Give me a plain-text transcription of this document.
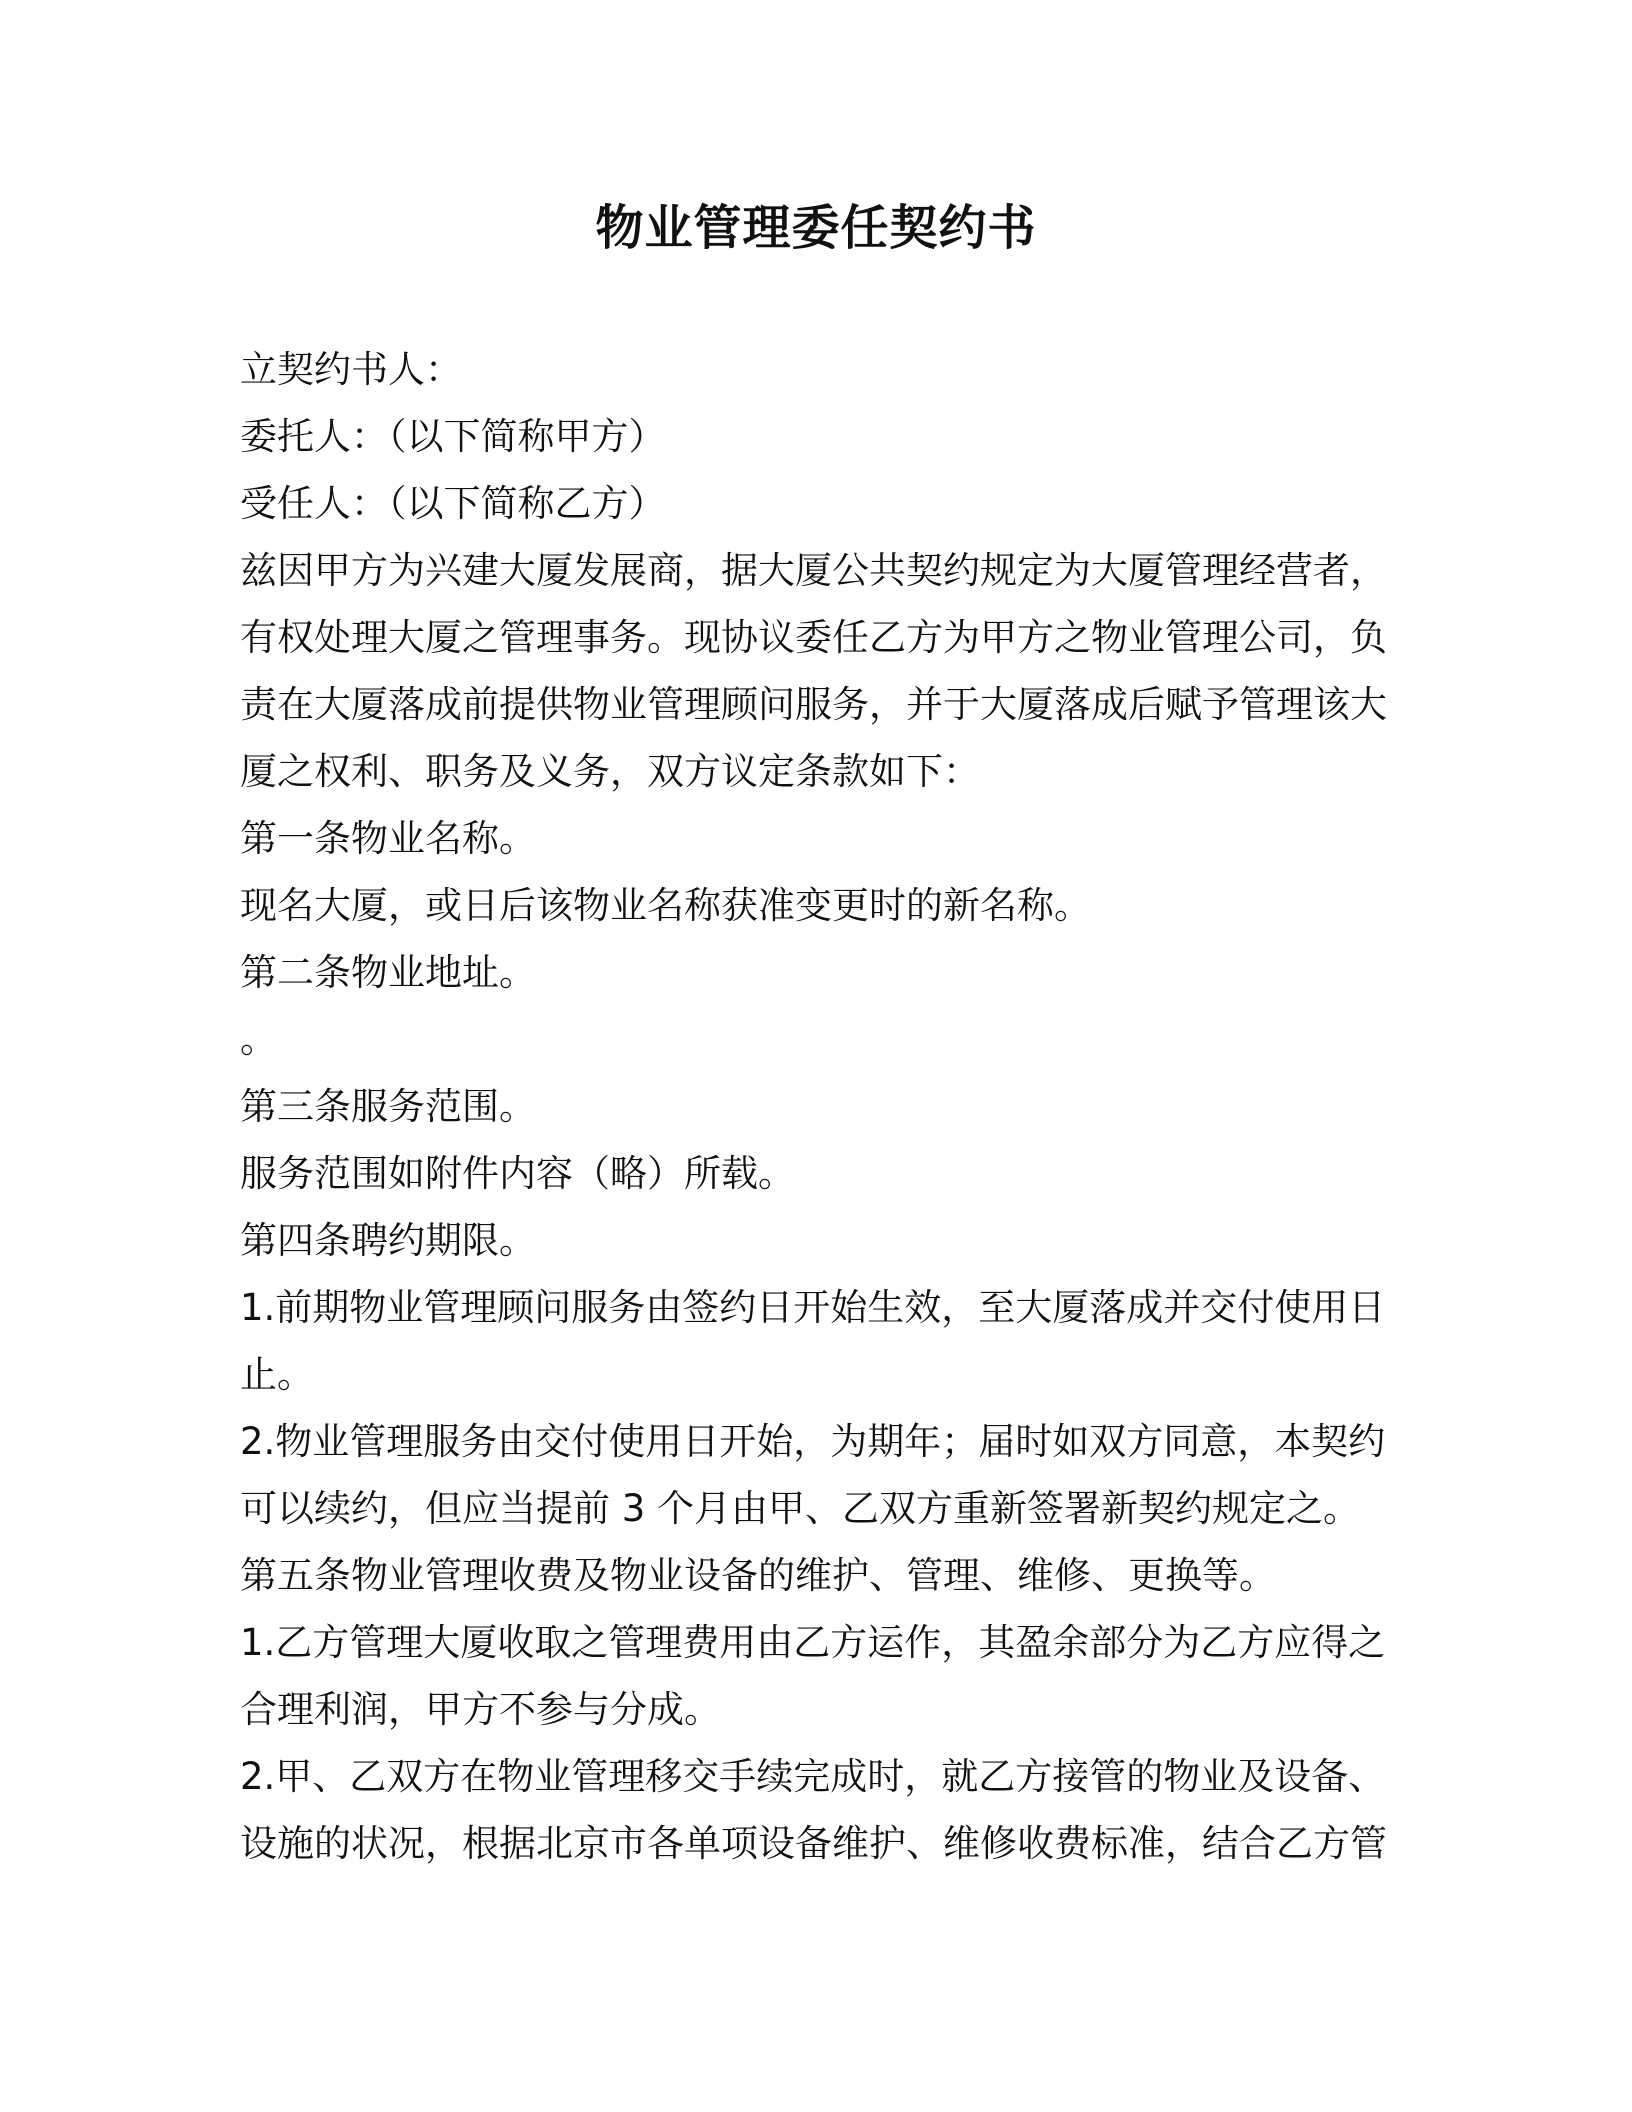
物业管理委任契约书
立契约书人：
委托人：（以下简称甲方）
受任人：（以下简称乙方）
兹因甲方为兴建大厦发展商，据大厦公共契约规定为大厦管理经营者，
有权处理大厦之管理事务。现协议委任乙方为甲方之物业管理公司，负
责在大厦落成前提供物业管理顾问服务，并于大厦落成后赋予管理该大
厦之权利、职务及义务，双方议定条款如下：
第一条物业名称。
现名大厦，或日后该物业名称获准变更时的新名称。
第二条物业地址。
。
第三条服务范围。
服务范围如附件内容（略）所载。
第四条聘约期限。
1.前期物业管理顾问服务由签约日开始生效，至大厦落成并交付使用日
止。
2.物业管理服务由交付使用日开始，为期年；届时如双方同意，本契约
可以续约，但应当提前 3 个月由甲、乙双方重新签署新契约规定之。
第五条物业管理收费及物业设备的维护、管理、维修、更换等。
1.乙方管理大厦收取之管理费用由乙方运作，其盈余部分为乙方应得之
合理利润，甲方不参与分成。
2.甲、乙双方在物业管理移交手续完成时，就乙方接管的物业及设备、
设施的状况，根据北京市各单项设备维护、维修收费标准，结合乙方管
